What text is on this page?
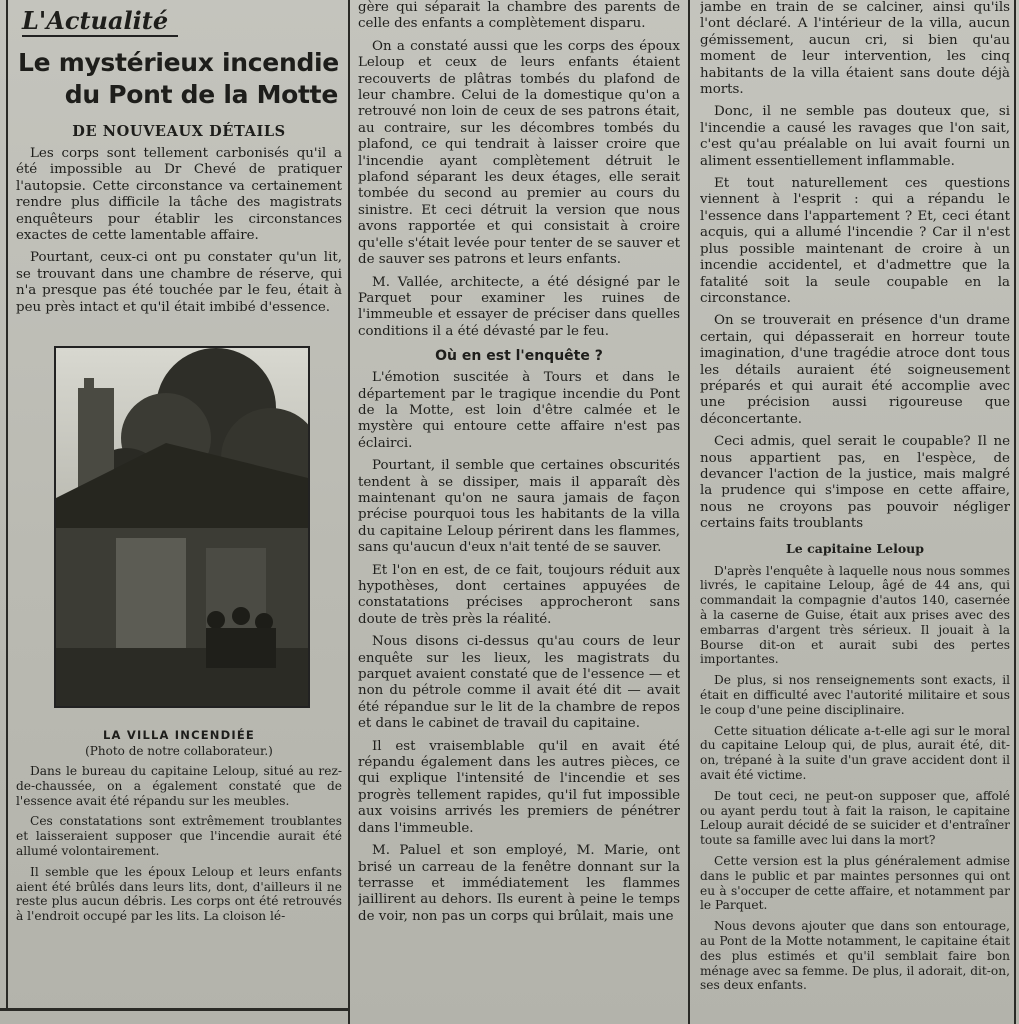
L'Actualité
Le mystérieux incendie
du Pont de la Motte
DE NOUVEAUX DÉTAILS

Les corps sont tellement carbonisés qu'il a été impossible au Dr Chevé de pratiquer l'autopsie. Cette circonstance va certainement rendre plus difficile la tâche des magistrats enquêteurs pour établir les circonstances exactes de cette lamentable affaire.

Pourtant, ceux-ci ont pu constater qu'un lit, se trouvant dans une chambre de réserve, qui n'a presque pas été touchée par le feu, était à peu près intact et qu'il était imbibé d'essence.

LA VILLA INCENDIÉE
(Photo de notre collaborateur.)

Dans le bureau du capitaine Leloup, situé au rez-de-chaussée, on a également constaté que de l'essence avait été répandu sur les meubles.

Ces constatations sont extrêmement troublantes et laisseraient supposer que l'incendie aurait été allumé volontairement.

Il semble que les époux Leloup et leurs enfants aient été brûlés dans leurs lits, dont, d'ailleurs il ne reste plus aucun débris. Les corps ont été retrouvés à l'endroit occupé par les lits. La cloison lé-

gère qui séparait la chambre des parents de celle des enfants a complètement disparu.

On a constaté aussi que les corps des époux Leloup et ceux de leurs enfants étaient recouverts de plâtras tombés du plafond de leur chambre. Celui de la domestique qu'on a retrouvé non loin de ceux de ses patrons était, au contraire, sur les décombres tombés du plafond, ce qui tendrait à laisser croire que l'incendie ayant complètement détruit le plafond séparant les deux étages, elle serait tombée du second au premier au cours du sinistre. Et ceci détruit la version que nous avons rapportée et qui consistait à croire qu'elle s'était levée pour tenter de se sauver et de sauver ses patrons et leurs enfants.

M. Vallée, architecte, a été désigné par le Parquet pour examiner les ruines de l'immeuble et essayer de préciser dans quelles conditions il a été dévasté par le feu.

Où en est l'enquête ?

L'émotion suscitée à Tours et dans le département par le tragique incendie du Pont de la Motte, est loin d'être calmée et le mystère qui entoure cette affaire n'est pas éclairci.

Pourtant, il semble que certaines obscurités tendent à se dissiper, mais il apparaît dès maintenant qu'on ne saura jamais de façon précise pourquoi tous les habitants de la villa du capitaine Leloup périrent dans les flammes, sans qu'aucun d'eux n'ait tenté de se sauver.

Et l'on en est, de ce fait, toujours réduit aux hypothèses, dont certaines appuyées de constatations précises approcheront sans doute de très près la réalité.

Nous disons ci-dessus qu'au cours de leur enquête sur les lieux, les magistrats du parquet avaient constaté que de l'essence — et non du pétrole comme il avait été dit — avait été répandue sur le lit de la chambre de repos et dans le cabinet de travail du capitaine.

Il est vraisemblable qu'il en avait été répandu également dans les autres pièces, ce qui explique l'intensité de l'incendie et ses progrès tellement rapides, qu'il fut impossible aux voisins arrivés les premiers de pénétrer dans l'immeuble.

M. Paluel et son employé, M. Marie, ont brisé un carreau de la fenêtre donnant sur la terrasse et immédiatement les flammes jaillirent au dehors. Ils eurent à peine le temps de voir, non pas un corps qui brûlait, mais une

jambe en train de se calciner, ainsi qu'ils l'ont déclaré. A l'intérieur de la villa, aucun gémissement, aucun cri, si bien qu'au moment de leur intervention, les cinq habitants de la villa étaient sans doute déjà morts.

Donc, il ne semble pas douteux que, si l'incendie a causé les ravages que l'on sait, c'est qu'au préalable on lui avait fourni un aliment essentiellement inflammable.

Et tout naturellement ces questions viennent à l'esprit : qui a répandu le l'essence dans l'appartement ? Et, ceci étant acquis, qui a allumé l'incendie ? Car il n'est plus possible maintenant de croire à un incendie accidentel, et d'admettre que la fatalité soit la seule coupable en la circonstance.

On se trouverait en présence d'un drame certain, qui dépasserait en horreur toute imagination, d'une tragédie atroce dont tous les détails auraient été soigneusement préparés et qui aurait été accomplie avec une précision aussi rigoureuse que déconcertante.

Ceci admis, quel serait le coupable? Il ne nous appartient pas, en l'espèce, de devancer l'action de la justice, mais malgré la prudence qui s'impose en cette affaire, nous ne croyons pas pouvoir négliger certains faits troublants

Le capitaine Leloup

D'après l'enquête à laquelle nous nous sommes livrés, le capitaine Leloup, âgé de 44 ans, qui commandait la compagnie d'autos 140, casernée à la caserne de Guise, était aux prises avec des embarras d'argent très sérieux. Il jouait à la Bourse dit-on et aurait subi des pertes importantes.

De plus, si nos renseignements sont exacts, il était en difficulté avec l'autorité militaire et sous le coup d'une peine disciplinaire.

Cette situation délicate a-t-elle agi sur le moral du capitaine Leloup qui, de plus, aurait été, dit-on, trépané à la suite d'un grave accident dont il avait été victime.

De tout ceci, ne peut-on supposer que, affolé ou ayant perdu tout à fait la raison, le capitaine Leloup aurait décidé de se suicider et d'entraîner toute sa famille avec lui dans la mort?

Cette version est la plus généralement admise dans le public et par maintes personnes qui ont eu à s'occuper de cette affaire, et notamment par le Parquet.

Nous devons ajouter que dans son entourage, au Pont de la Motte notamment, le capitaine était des plus estimés et qu'il semblait faire bon ménage avec sa femme. De plus, il adorait, dit-on, ses deux enfants.
